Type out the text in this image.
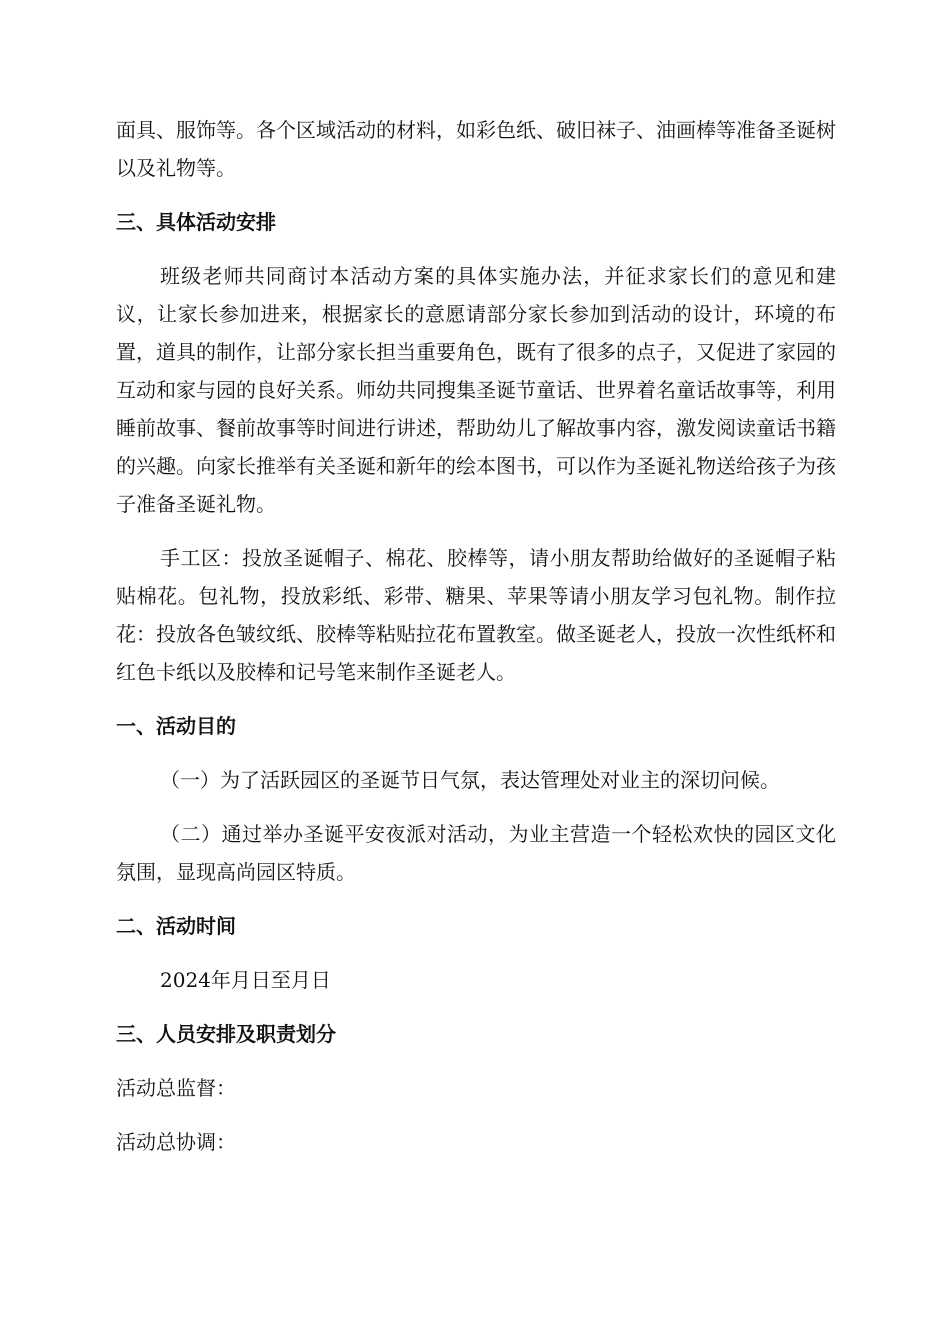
面具、服饰等。各个区域活动的材料，如彩色纸、破旧袜子、油画棒等准备圣诞树以及礼物等。

三、具体活动安排

班级老师共同商讨本活动方案的具体实施办法，并征求家长们的意见和建议，让家长参加进来，根据家长的意愿请部分家长参加到活动的设计，环境的布置，道具的制作，让部分家长担当重要角色，既有了很多的点子，又促进了家园的互动和家与园的良好关系。师幼共同搜集圣诞节童话、世界着名童话故事等，利用睡前故事、餐前故事等时间进行讲述，帮助幼儿了解故事内容，激发阅读童话书籍的兴趣。向家长推举有关圣诞和新年的绘本图书，可以作为圣诞礼物送给孩子为孩子准备圣诞礼物。

手工区：投放圣诞帽子、棉花、胶棒等，请小朋友帮助给做好的圣诞帽子粘贴棉花。包礼物，投放彩纸、彩带、糖果、苹果等请小朋友学习包礼物。制作拉花：投放各色皱纹纸、胶棒等粘贴拉花布置教室。做圣诞老人，投放一次性纸杯和红色卡纸以及胶棒和记号笔来制作圣诞老人。

一、活动目的

（一）为了活跃园区的圣诞节日气氛，表达管理处对业主的深切问候。

（二）通过举办圣诞平安夜派对活动，为业主营造一个轻松欢快的园区文化氛围，显现高尚园区特质。

二、活动时间

2024年月日至月日

三、人员安排及职责划分

活动总监督：

活动总协调：
